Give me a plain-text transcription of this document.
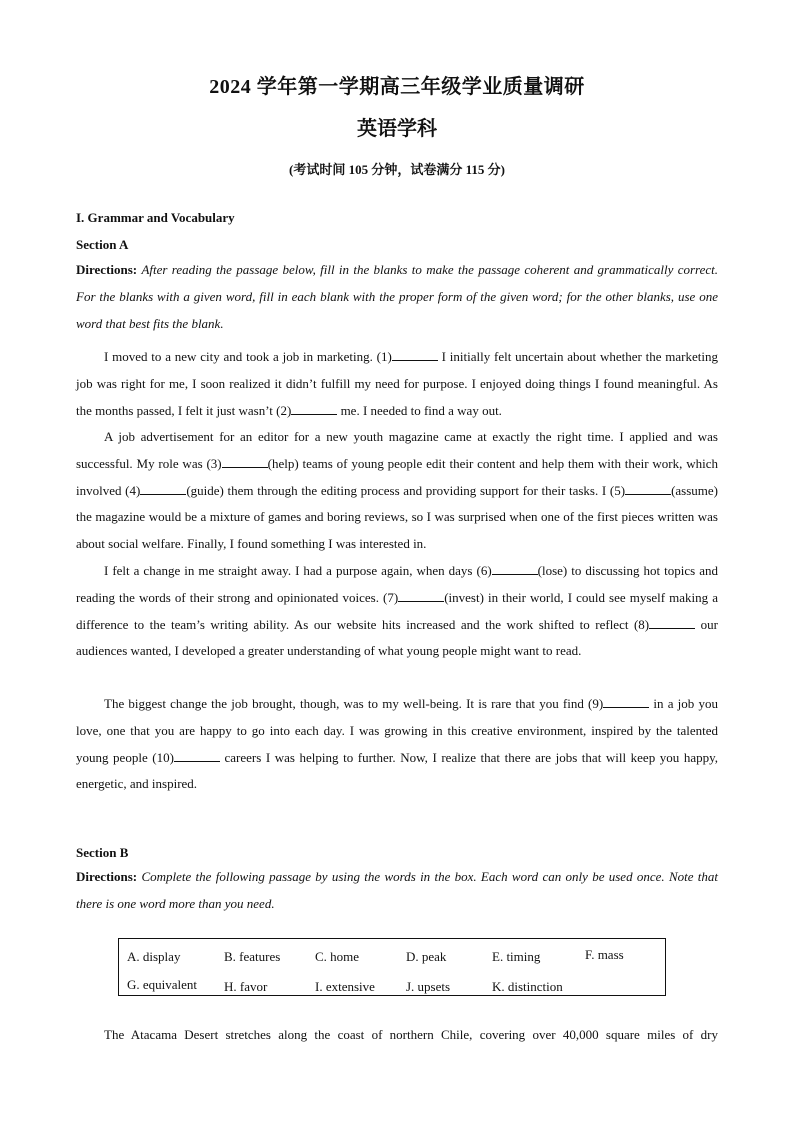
2024 学年第一学期高三年级学业质量调研
英语学科
(考试时间 105 分钟，试卷满分 115 分)
I. Grammar and Vocabulary
Section A
Directions: After reading the passage below, fill in the blanks to make the passage coherent and grammatically correct. For the blanks with a given word, fill in each blank with the proper form of the given word; for the other blanks, use one word that best fits the blank.

I moved to a new city and took a job in marketing. (1)	I initially felt uncertain about whether the marketing job was right for me, I soon realized it didn’t fulfill my need for purpose. I enjoyed doing things I found meaningful. As the months passed, I felt it just wasn’t (2)	me. I needed to find a way out.

A job advertisement for an editor for a new youth magazine came at exactly the right time. I applied and was successful. My role was (3)	(help) teams of young people edit their content and help them with their work, which involved (4)	(guide) them through the editing process and providing support for their tasks. I (5)	(assume) the magazine would be a mixture of games and boring reviews, so I was surprised when one of the first pieces written was about social welfare. Finally, I found something I was interested in.

I felt a change in me straight away. I had a purpose again, when days (6)	(lose) to discussing hot topics and reading the words of their strong and opinionated voices. (7)	(invest) in their world, I could see myself making a difference to the team’s writing ability. As our website hits increased and the work shifted to reflect (8)	our audiences wanted, I developed a greater understanding of what young people might want to read.

The biggest change the job brought, though, was to my well-being. It is rare that you find (9)	in a job you love, one that you are happy to go into each day. I was growing in this creative environment, inspired by the talented young people (10)	careers I was helping to further. Now, I realize that there are jobs that will keep you happy, energetic, and inspired.

Section B
Directions: Complete the following passage by using the words in the box. Each word can only be used once. Note that there is one word more than you need.
A. display	B. features	C. home	D. peak	E. timing	F. mass
G. equivalent H. favor	I. extensive J. upsets	K. distinction

The Atacama Desert stretches along the coast of northern Chile, covering over 40,000 square miles of dry
